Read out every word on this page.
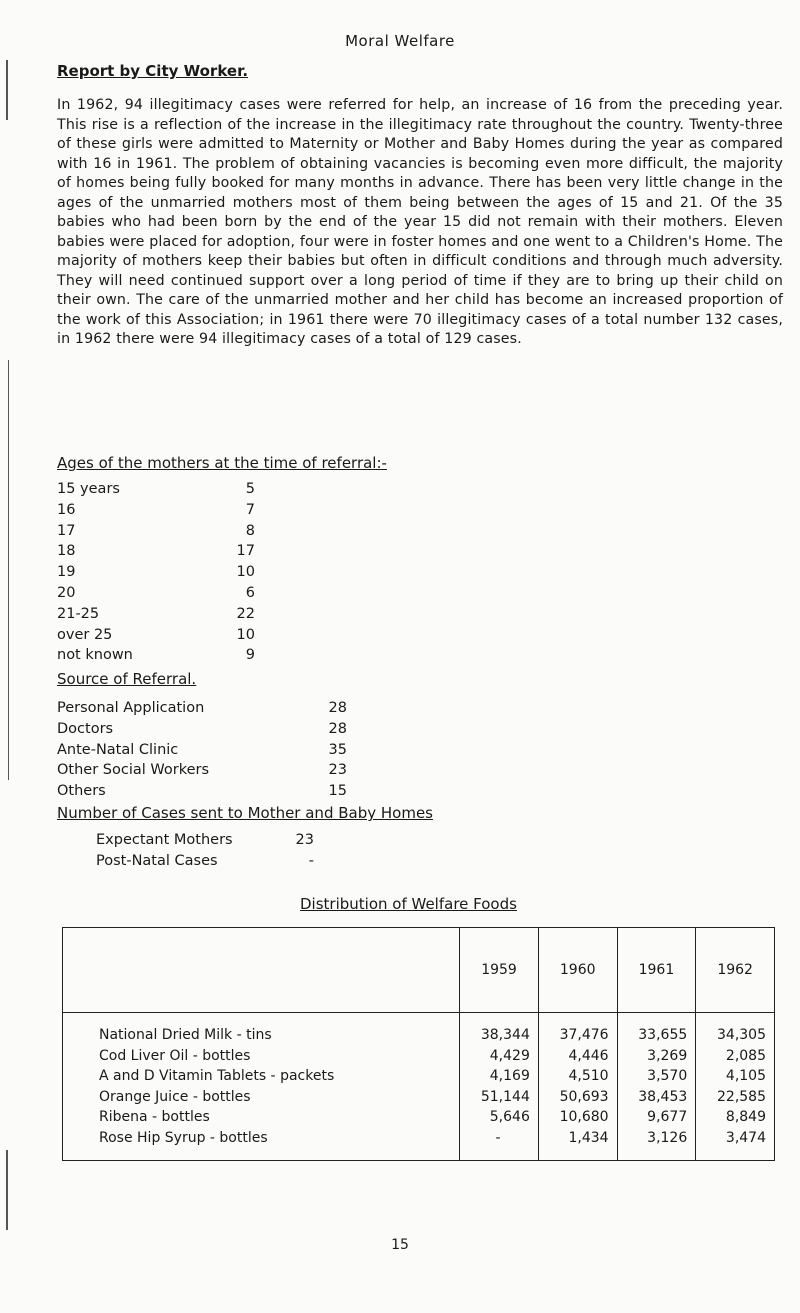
Moral Welfare
Report by City Worker.
In 1962, 94 illegitimacy cases were referred for help, an increase of 16 from the preceding year. This rise is a reflection of the increase in the illegitimacy rate throughout the country. Twenty-three of these girls were admitted to Maternity or Mother and Baby Homes during the year as compared with 16 in 1961. The problem of obtaining vacancies is becoming even more difficult, the majority of homes being fully booked for many months in advance. There has been very little change in the ages of the unmarried mothers most of them being between the ages of 15 and 21. Of the 35 babies who had been born by the end of the year 15 did not remain with their mothers. Eleven babies were placed for adoption, four were in foster homes and one went to a Children's Home. The majority of mothers keep their babies but often in difficult conditions and through much adversity. They will need continued support over a long period of time if they are to bring up their child on their own. The care of the unmarried mother and her child has become an increased proportion of the work of this Association; in 1961 there were 70 illegitimacy cases of a total number 132 cases, in 1962 there were 94 illegitimacy cases of a total of 129 cases.
Ages of the mothers at the time of referral:-
15 years	5
16	7
17	8
18	17
19	10
20	6
21-25	22
over 25	10
not known	9
Source of Referral.
Personal Application	28
Doctors	28
Ante-Natal Clinic	35
Other Social Workers	23
Others	15
Number of Cases sent to Mother and Baby Homes
Expectant Mothers	23
Post-Natal Cases	-
Distribution of Welfare Foods
	1959	1960	1961	1962
National Dried Milk - tins	38,344	37,476	33,655	34,305
Cod Liver Oil - bottles	4,429	4,446	3,269	2,085
A and D Vitamin Tablets - packets	4,169	4,510	3,570	4,105
Orange Juice - bottles	51,144	50,693	38,453	22,585
Ribena - bottles	5,646	10,680	9,677	8,849
Rose Hip Syrup - bottles	-	1,434	3,126	3,474
15
